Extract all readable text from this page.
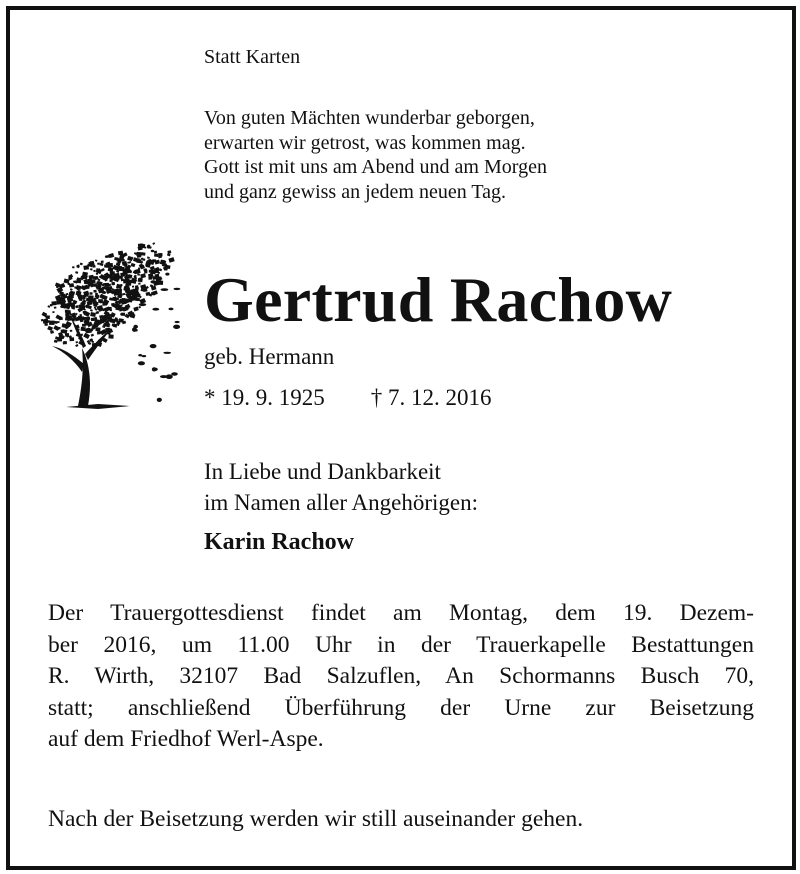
Statt Karten

Von guten Mächten wunderbar geborgen,
erwarten wir getrost, was kommen mag.
Gott ist mit uns am Abend und am Morgen
und ganz gewiss an jedem neuen Tag.

Gertrud Rachow

geb. Hermann

* 19. 9. 1925 † 7. 12. 2016

In Liebe und Dankbarkeit
im Namen aller Angehörigen:

Karin Rachow

Der Trauergottesdienst findet am Montag, dem 19. Dezem-
ber 2016, um 11.00 Uhr in der Trauerkapelle Bestattungen
R. Wirth, 32107 Bad Salzuflen, An Schormanns Busch 70,
statt; anschließend Überführung der Urne zur Beisetzung
auf dem Friedhof Werl-Aspe.

Nach der Beisetzung werden wir still auseinander gehen.
